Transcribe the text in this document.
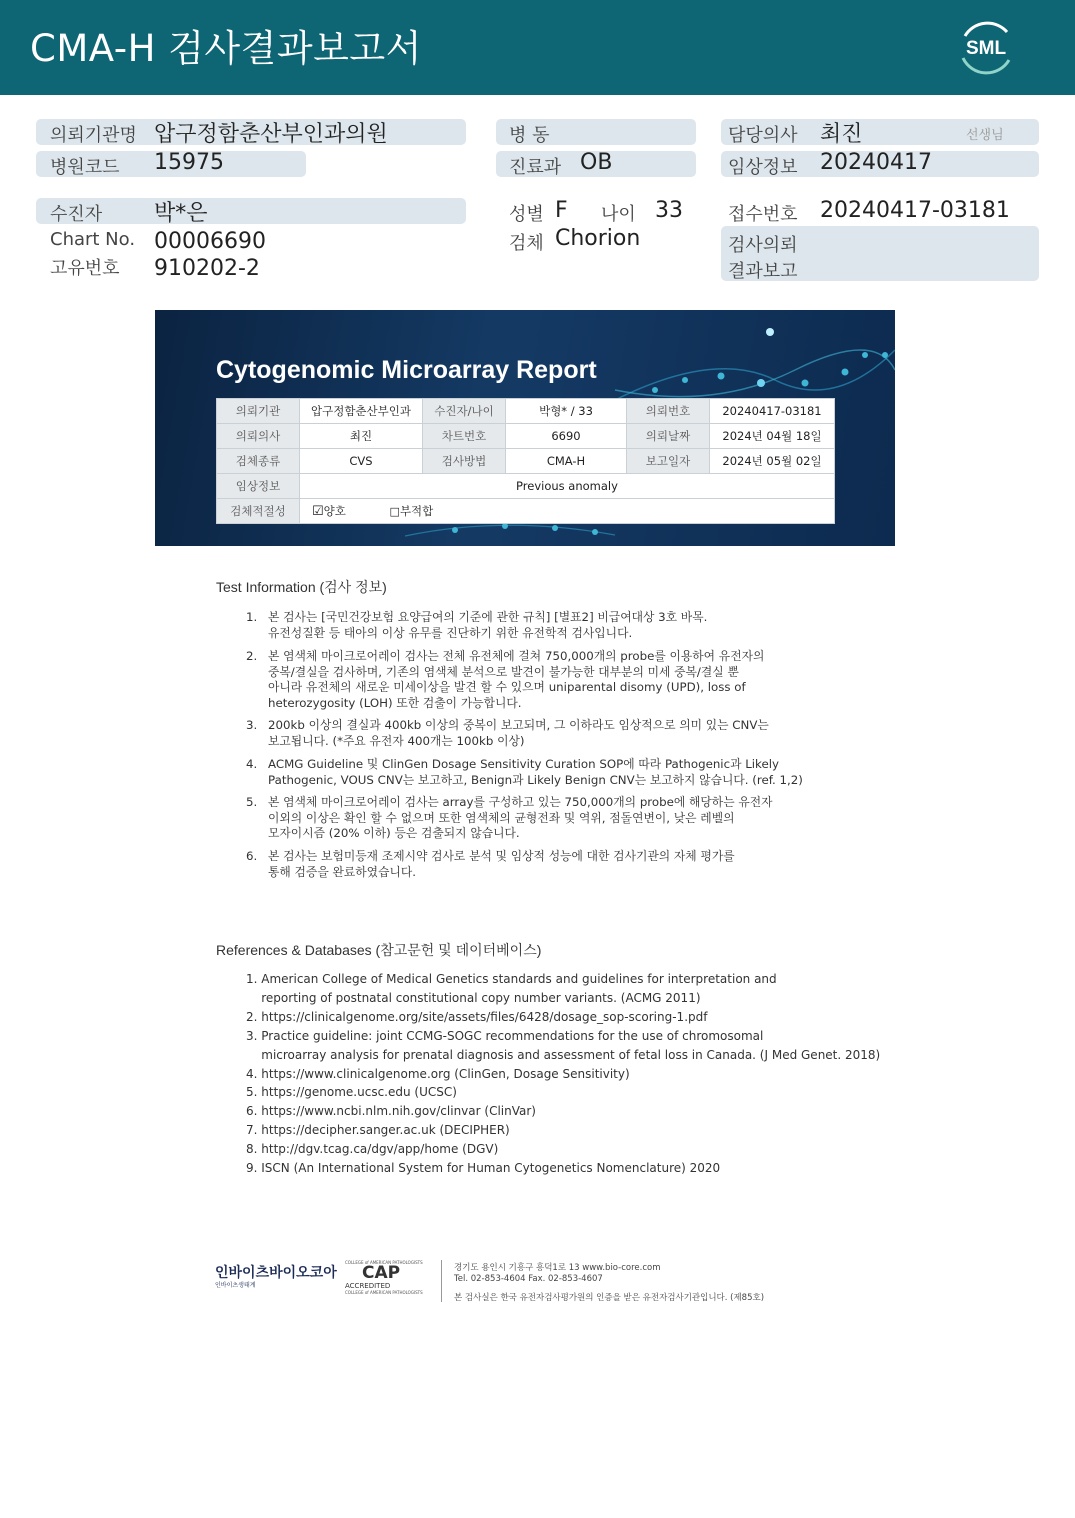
CMA-H 검사결과보고서	SML
의뢰기관명 압구정함춘산부인과의원
병원코드 15975
병 동
진료과 OB
담당의사 최진	선생님
임상정보 20240417
수진자 박*은
Chart No. 00006690
고유번호 910202-2
성별 F 나이 33
검체 Chorion
접수번호 20240417-03181
검사의뢰
결과보고
Cytogenomic Microarray Report
의뢰기관	압구정함춘산부인과	수진자/나이	박형* / 33	의뢰번호	20240417-03181
의뢰의사	최진	차트번호	6690	의뢰날짜	2024년 04월 18일
검체종류	CVS	검사방법	CMA-H	보고일자	2024년 05월 02일
임상정보	Previous anomaly				
검체적절성	☑양호 □부적합				
Test Information (검사 정보)
1. 본 검사는 [국민건강보험 요양급여의 기준에 관한 규칙] [별표2] 비급여대상 3호 바목.
유전성질환 등 태아의 이상 유무를 진단하기 위한 유전학적 검사입니다.
2. 본 염색체 마이크로어레이 검사는 전체 유전체에 걸쳐 750,000개의 probe를 이용하여 유전자의
중복/결실을 검사하며, 기존의 염색체 분석으로 발견이 불가능한 대부분의 미세 중복/결실 뿐
아니라 유전체의 새로운 미세이상을 발견 할 수 있으며 uniparental disomy (UPD), loss of
heterozygosity (LOH) 또한 검출이 가능합니다.
3. 200kb 이상의 결실과 400kb 이상의 중복이 보고되며, 그 이하라도 임상적으로 의미 있는 CNV는
보고됩니다. (*주요 유전자 400개는 100kb 이상)
4. ACMG Guideline 및 ClinGen Dosage Sensitivity Curation SOP에 따라 Pathogenic과 Likely
Pathogenic, VOUS CNV는 보고하고, Benign과 Likely Benign CNV는 보고하지 않습니다. (ref. 1,2)
5. 본 염색체 마이크로어레이 검사는 array를 구성하고 있는 750,000개의 probe에 해당하는 유전자
이외의 이상은 확인 할 수 없으며 또한 염색체의 균형전좌 및 역위, 점돌연변이, 낮은 레벨의
모자이시즘 (20% 이하) 등은 검출되지 않습니다.
6. 본 검사는 보험미등재 조제시약 검사로 분석 및 임상적 성능에 대한 검사기관의 자체 평가를
통해 검증을 완료하였습니다.
References & Databases (참고문헌 및 데이터베이스)
1. American College of Medical Genetics standards and guidelines for interpretation and
reporting of postnatal constitutional copy number variants. (ACMG 2011)
2. https://clinicalgenome.org/site/assets/files/6428/dosage_sop-scoring-1.pdf
3. Practice guideline: joint CCMG-SOGC recommendations for the use of chromosomal
microarray analysis for prenatal diagnosis and assessment of fetal loss in Canada. (J Med Genet. 2018)
4. https://www.clinicalgenome.org (ClinGen, Dosage Sensitivity)
5. https://genome.ucsc.edu (UCSC)
6. https://www.ncbi.nlm.nih.gov/clinvar (ClinVar)
7. https://decipher.sanger.ac.uk (DECIPHER)
8. http://dgv.tcag.ca/dgv/app/home (DGV)
9. ISCN (An International System for Human Cytogenetics Nomenclature) 2020
인바이츠바이오코아
인바이츠생태계
COLLEGE of AMERICAN PATHOLOGISTS
CAP
ACCREDITED
COLLEGE of AMERICAN PATHOLOGISTS
경기도 용인시 기흥구 흥덕1로 13 www.bio-core.com
Tel. 02-853-4604 Fax. 02-853-4607
본 검사실은 한국 유전자검사평가원의 인증을 받은 유전자검사기관입니다. (제85호)
